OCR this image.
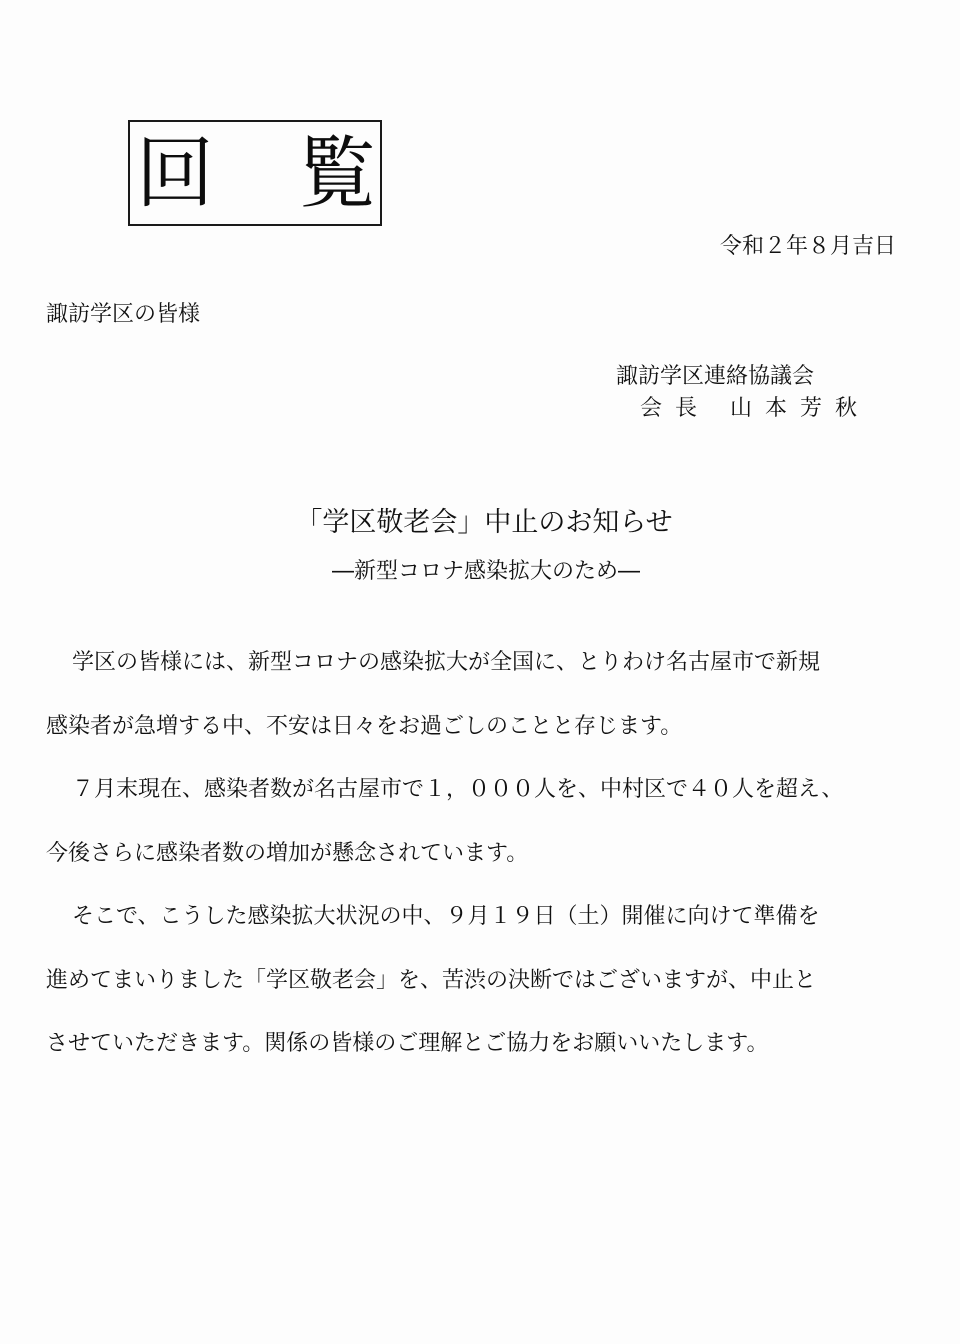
回 覧
令和２年８月吉日
諏訪学区の皆様
諏訪学区連絡協議会
会長 山本芳秋
「学区敬老会」中止のお知らせ
―新型コロナ感染拡大のため―
学区の皆様には、新型コロナの感染拡大が全国に、とりわけ名古屋市で新規
感染者が急増する中、不安は日々をお過ごしのことと存じます。
７月末現在、感染者数が名古屋市で１，０００人を、中村区で４０人を超え、
今後さらに感染者数の増加が懸念されています。
そこで、こうした感染拡大状況の中、９月１９日（土）開催に向けて準備を
進めてまいりました「学区敬老会」を、苦渋の決断ではございますが、中止と
させていただきます。関係の皆様のご理解とご協力をお願いいたします。
